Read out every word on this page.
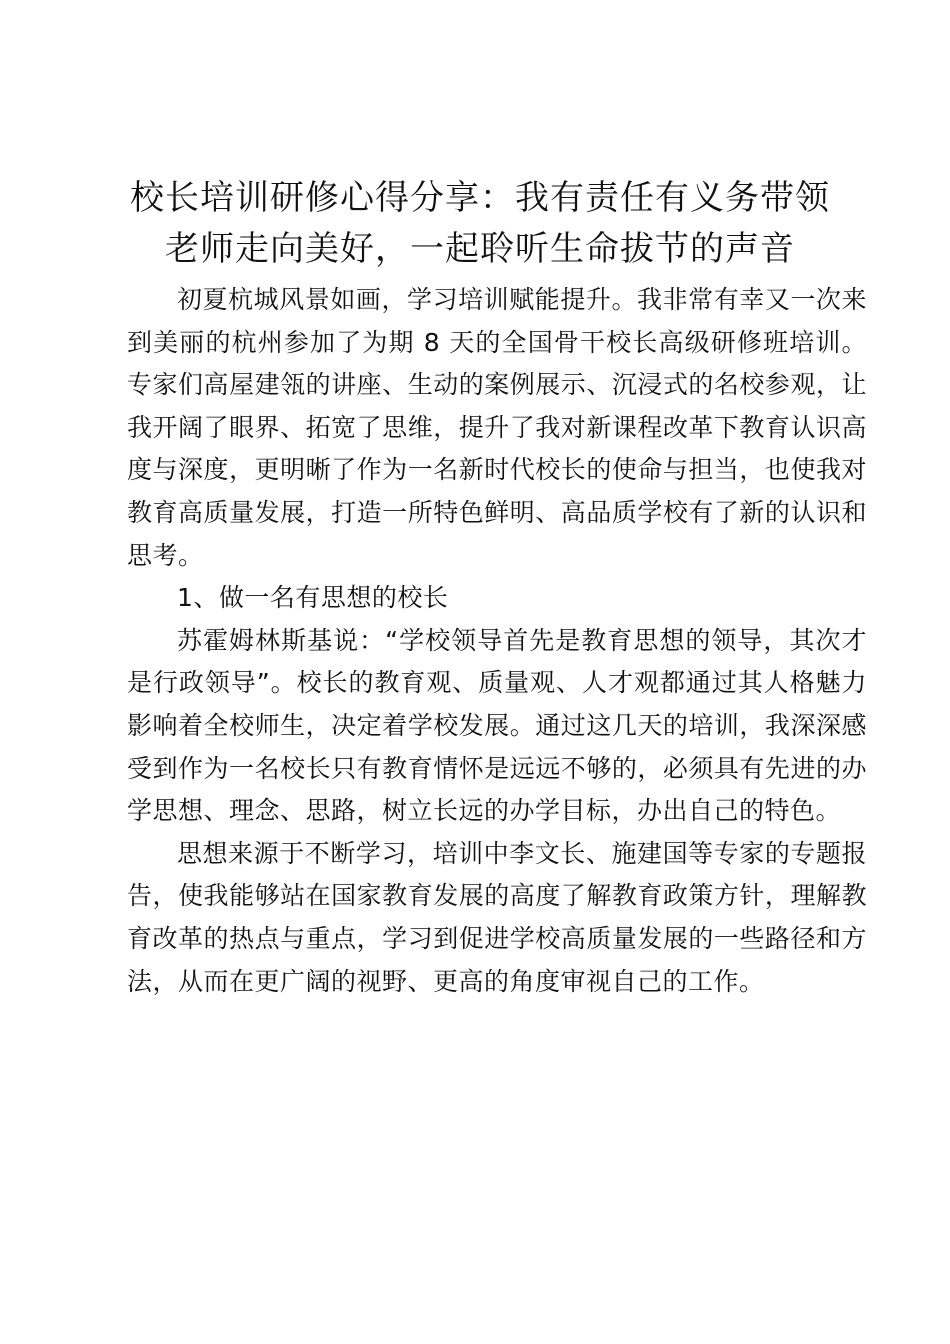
校长培训研修心得分享：我有责任有义务带领
老师走向美好，一起聆听生命拔节的声音

初夏杭城风景如画，学习培训赋能提升。我非常有幸又一次来到美丽的杭州参加了为期 8 天的全国骨干校长高级研修班培训。专家们高屋建瓴的讲座、生动的案例展示、沉浸式的名校参观，让我开阔了眼界、拓宽了思维，提升了我对新课程改革下教育认识高度与深度，更明晰了作为一名新时代校长的使命与担当，也使我对教育高质量发展，打造一所特色鲜明、高品质学校有了新的认识和思考。

1、做一名有思想的校长

苏霍姆林斯基说：“学校领导首先是教育思想的领导，其次才是行政领导”。校长的教育观、质量观、人才观都通过其人格魅力影响着全校师生，决定着学校发展。通过这几天的培训，我深深感受到作为一名校长只有教育情怀是远远不够的，必须具有先进的办学思想、理念、思路，树立长远的办学目标，办出自己的特色。

思想来源于不断学习，培训中李文长、施建国等专家的专题报告，使我能够站在国家教育发展的高度了解教育政策方针，理解教育改革的热点与重点，学习到促进学校高质量发展的一些路径和方法，从而在更广阔的视野、更高的角度审视自己的工作。
